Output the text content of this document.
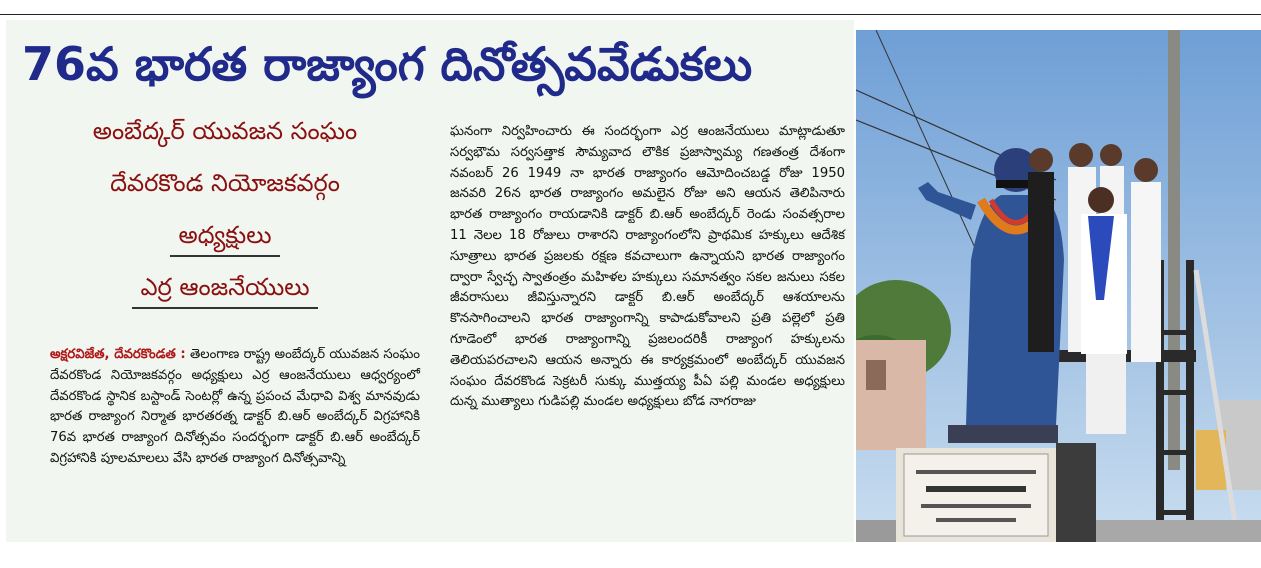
76వ భారత రాజ్యాంగ దినోత్సవవేడుకలు
అంబేద్కర్ యువజన సంఘం
దేవరకొండ నియోజకవర్గం
అధ్యక్షులు
ఎర్ర ఆంజనేయులు
అక్షరవిజేత, దేవరకొండత : తెలంగాణ రాష్ట్ర అంబేద్కర్ యువజన సంఘం దేవరకొండ నియోజకవర్గం అధ్యక్షులు ఎర్ర ఆంజనేయులు ఆధ్వర్యంలో దేవరకొండ స్థానిక బస్టాండ్ సెంటర్లో ఉన్న ప్రపంచ మేధావి విశ్వ మానవుడు భారత రాజ్యాంగ నిర్మాత భారతరత్న డాక్టర్ బి.ఆర్ అంబేద్కర్ విగ్రహానికి 76వ భారత రాజ్యాంగ దినోత్సవం సందర్భంగా డాక్టర్ బి.ఆర్ అంబేద్కర్ విగ్రహానికి పూలమాలలు వేసి భారత రాజ్యాంగ దినోత్సవాన్ని
ఘనంగా నిర్వహించారు ఈ సందర్భంగా ఎర్ర ఆంజనేయులు మాట్లాడుతూ సర్వభౌమ సర్వసత్తాక సౌమ్యవాద లౌకిక ప్రజాస్వామ్య గణతంత్ర దేశంగా నవంబర్ 26 1949 నా భారత రాజ్యాంగం ఆమోదించబడ్డ రోజు 1950 జనవరి 26న భారత రాజ్యాంగం అమలైన రోజు అని ఆయన తెలిపినారు భారత రాజ్యాంగం రాయడానికి డాక్టర్ బి.ఆర్ అంబేద్కర్ రెండు సంవత్సరాల 11 నెలల 18 రోజులు రాశారని రాజ్యాంగంలోని ప్రాథమిక హక్కులు ఆదేశిక సూత్రాలు భారత ప్రజలకు రక్షణ కవచాలుగా ఉన్నాయని భారత రాజ్యాంగం ద్వారా స్వేచ్ఛ స్వాతంత్రం మహిళల హక్కులు సమానత్వం సకల జనులు సకల జీవరాసులు జీవిస్తున్నారని డాక్టర్ బి.ఆర్ అంబేద్కర్ ఆశయాలను కొనసాగించాలని భారత రాజ్యాంగాన్ని కాపాడుకోవాలని ప్రతి పల్లెలో ప్రతి గూడెంలో భారత రాజ్యాంగాన్ని ప్రజలందరికీ రాజ్యాంగ హక్కులను తెలియపరచాలని ఆయన అన్నారు ఈ కార్యక్రమంలో అంబేద్కర్ యువజన సంఘం దేవరకొండ సెక్రటరీ సుక్కు ముత్తయ్య పీఏ పల్లి మండల అధ్యక్షులు దున్న ముత్యాలు గుడిపల్లి మండల అధ్యక్షులు బోడ నాగరాజు
